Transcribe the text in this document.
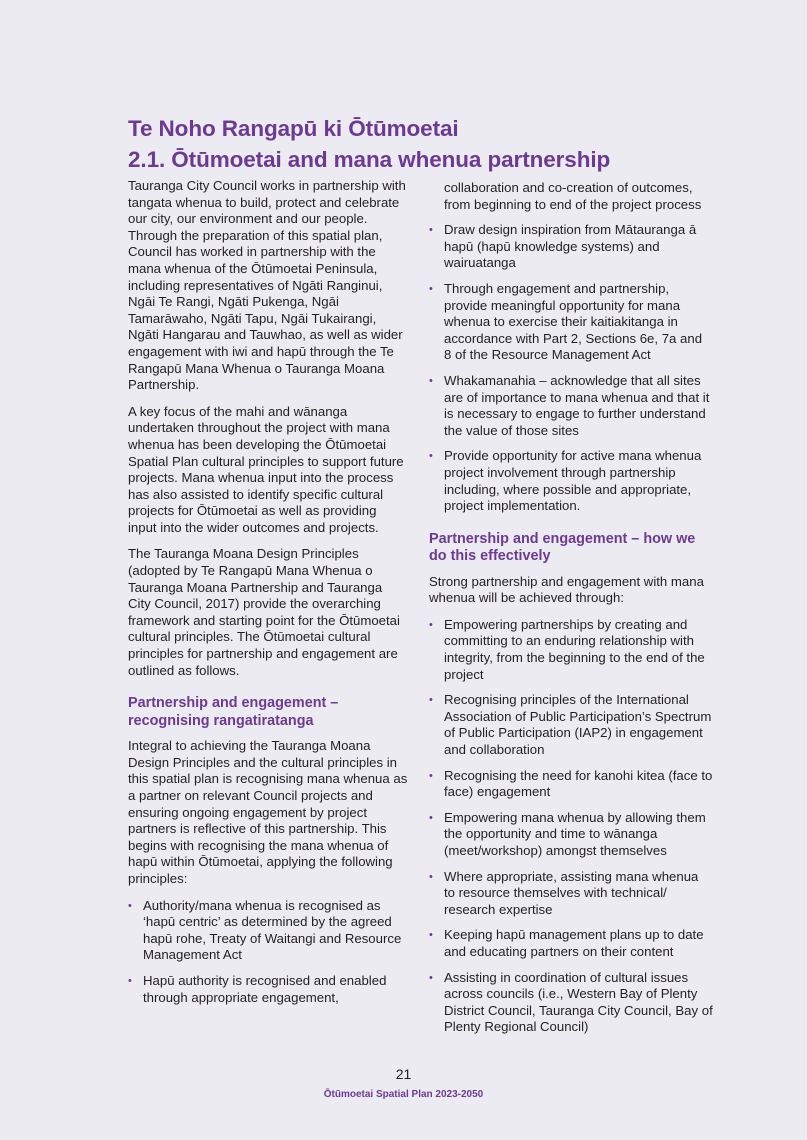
Te Noho Rangapū ki Ōtūmoetai
2.1. Ōtūmoetai and mana whenua partnership

Tauranga City Council works in partnership with tangata whenua to build, protect and celebrate our city, our environment and our people. Through the preparation of this spatial plan, Council has worked in partnership with the mana whenua of the Ōtūmoetai Peninsula, including representatives of Ngāti Ranginui, Ngāi Te Rangi, Ngāti Pukenga, Ngāi Tamarāwaho, Ngāti Tapu, Ngāi Tukairangi, Ngāti Hangarau and Tauwhao, as well as wider engagement with iwi and hapū through the Te Rangapū Mana Whenua o Tauranga Moana Partnership.

A key focus of the mahi and wānanga undertaken throughout the project with mana whenua has been developing the Ōtūmoetai Spatial Plan cultural principles to support future projects. Mana whenua input into the process has also assisted to identify specific cultural projects for Ōtūmoetai as well as providing input into the wider outcomes and projects.

The Tauranga Moana Design Principles (adopted by Te Rangapū Mana Whenua o Tauranga Moana Partnership and Tauranga City Council, 2017) provide the overarching framework and starting point for the Ōtūmoetai cultural principles. The Ōtūmoetai cultural principles for partnership and engagement are outlined as follows.

Partnership and engagement – recognising rangatiratanga

Integral to achieving the Tauranga Moana Design Principles and the cultural principles in this spatial plan is recognising mana whenua as a partner on relevant Council projects and ensuring ongoing engagement by project partners is reflective of this partnership. This begins with recognising the mana whenua of hapū within Ōtūmoetai, applying the following principles:

• Authority/mana whenua is recognised as ‘hapū centric’ as determined by the agreed hapū rohe, Treaty of Waitangi and Resource Management Act
• Hapū authority is recognised and enabled through appropriate engagement,
collaboration and co-creation of outcomes, from beginning to end of the project process
• Draw design inspiration from Mātauranga ā hapū (hapū knowledge systems) and wairuatanga
• Through engagement and partnership, provide meaningful opportunity for mana whenua to exercise their kaitiakitanga in accordance with Part 2, Sections 6e, 7a and 8 of the Resource Management Act
• Whakamanahia – acknowledge that all sites are of importance to mana whenua and that it is necessary to engage to further understand the value of those sites
• Provide opportunity for active mana whenua project involvement through partnership including, where possible and appropriate, project implementation.
Partnership and engagement – how we do this effectively

Strong partnership and engagement with mana whenua will be achieved through:

• Empowering partnerships by creating and committing to an enduring relationship with integrity, from the beginning to the end of the project
• Recognising principles of the International Association of Public Participation’s Spectrum of Public Participation (IAP2) in engagement and collaboration
• Recognising the need for kanohi kitea (face to face) engagement
• Empowering mana whenua by allowing them the opportunity and time to wānanga (meet/workshop) amongst themselves
• Where appropriate, assisting mana whenua to resource themselves with technical/ research expertise
• Keeping hapū management plans up to date and educating partners on their content
• Assisting in coordination of cultural issues across councils (i.e., Western Bay of Plenty District Council, Tauranga City Council, Bay of Plenty Regional Council)
21
Ōtūmoetai Spatial Plan 2023-2050
